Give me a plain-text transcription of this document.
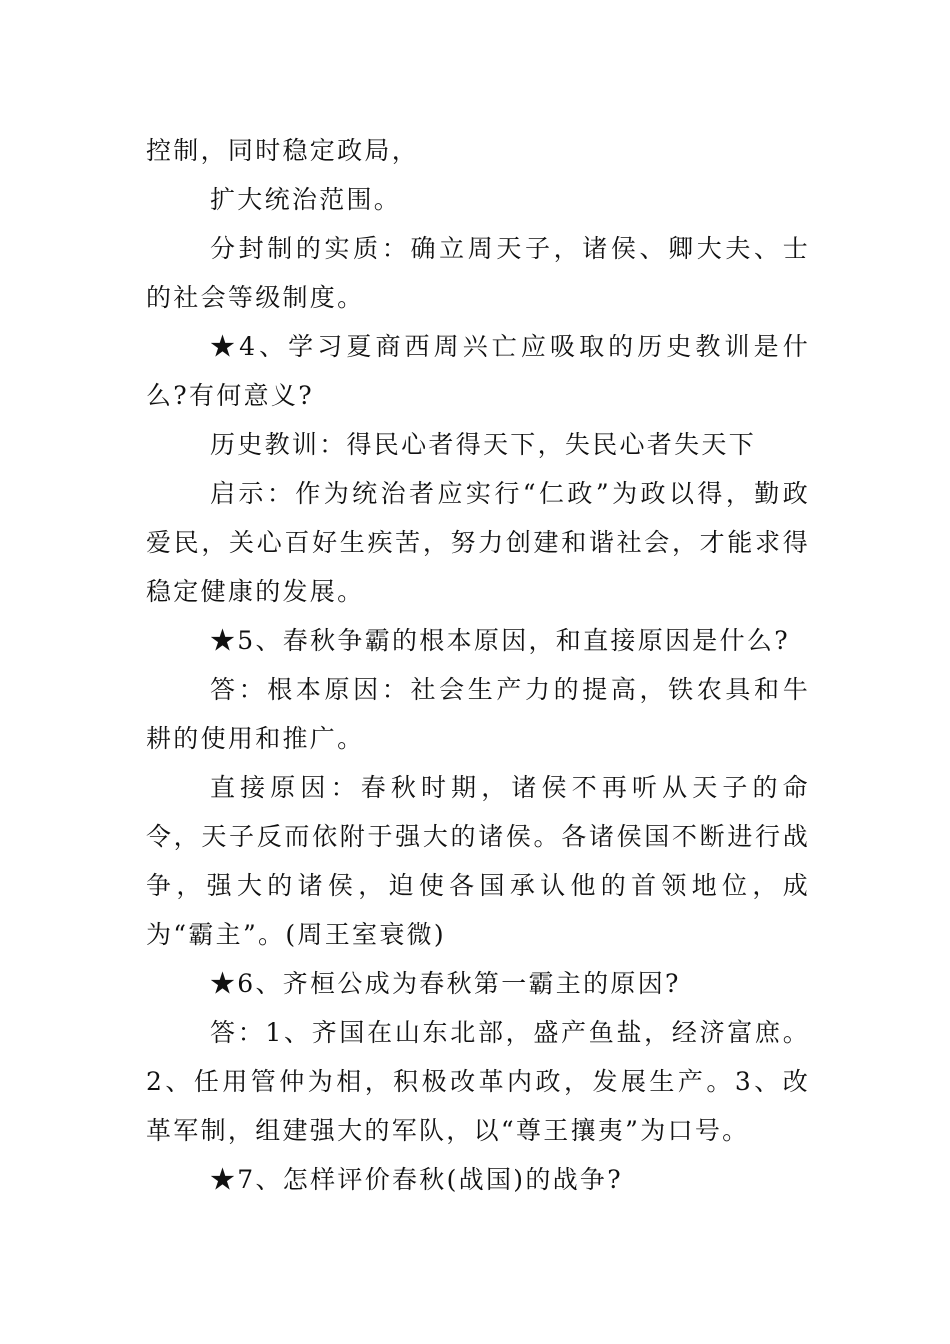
控制，同时稳定政局，

扩大统治范围。

分封制的实质：确立周天子，诸侯、卿大夫、士的社会等级制度。

★4、学习夏商西周兴亡应吸取的历史教训是什么?有何意义?

历史教训：得民心者得天下，失民心者失天下

启示：作为统治者应实行“仁政”为政以得，勤政爱民，关心百好生疾苦，努力创建和谐社会，才能求得稳定健康的发展。

★5、春秋争霸的根本原因，和直接原因是什么?

答：根本原因：社会生产力的提高，铁农具和牛耕的使用和推广。

直接原因：春秋时期，诸侯不再听从天子的命令，天子反而依附于强大的诸侯。各诸侯国不断进行战争，强大的诸侯，迫使各国承认他的首领地位，成为“霸主”。(周王室衰微)

★6、齐桓公成为春秋第一霸主的原因?

答：1、齐国在山东北部，盛产鱼盐，经济富庶。2、任用管仲为相，积极改革内政，发展生产。3、改革军制，组建强大的军队，以“尊王攘夷”为口号。

★7、怎样评价春秋(战国)的战争?
